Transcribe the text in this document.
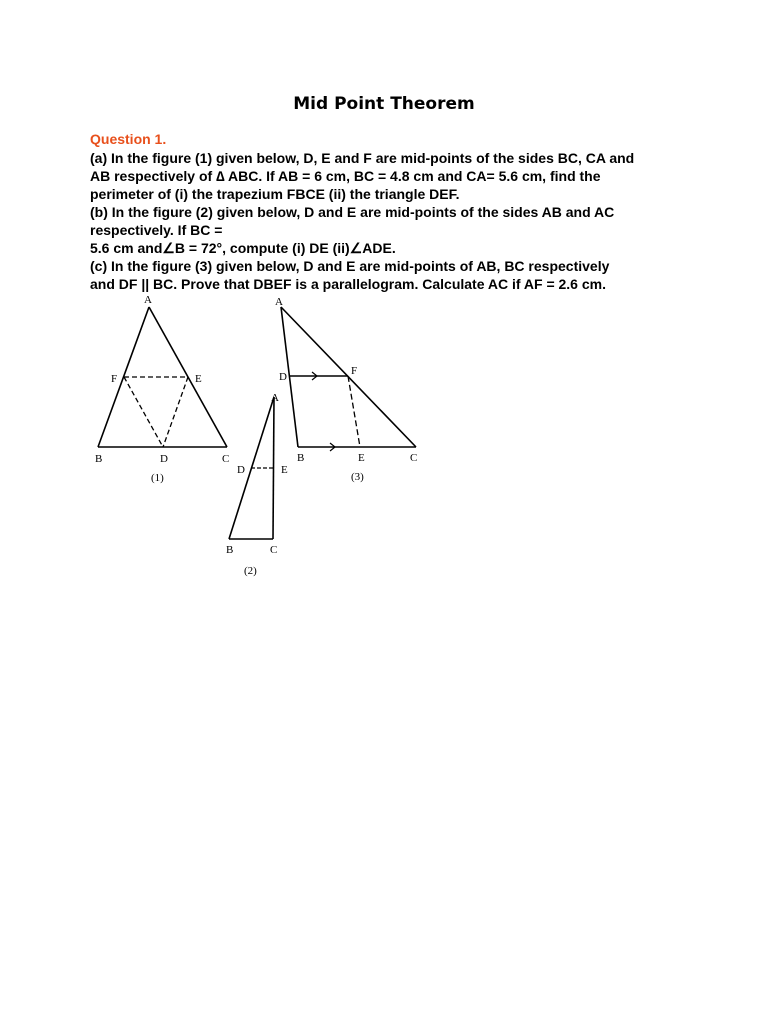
Mid Point Theorem
Question 1.
(a) In the figure (1) given below, D, E and F are mid-points of the sides BC, CA and
AB respectively of ∆ ABC. If AB = 6 cm, BC = 4.8 cm and CA= 5.6 cm, find the
perimeter of (i) the trapezium FBCE (ii) the triangle DEF.
(b) In the figure (2) given below, D and E are mid-points of the sides AB and AC
respectively. If BC =
5.6 cm and∠B = 72°, compute (i) DE (ii)∠ADE.
(c) In the figure (3) given below, D and E are mid-points of AB, BC respectively
and DF || BC. Prove that DBEF is a parallelogram. Calculate AC if AF = 2.6 cm.
A
F	E
B	D	C
(1)
A
D	E
B	C
(2)
A
D	F
B	E	C
(3)
